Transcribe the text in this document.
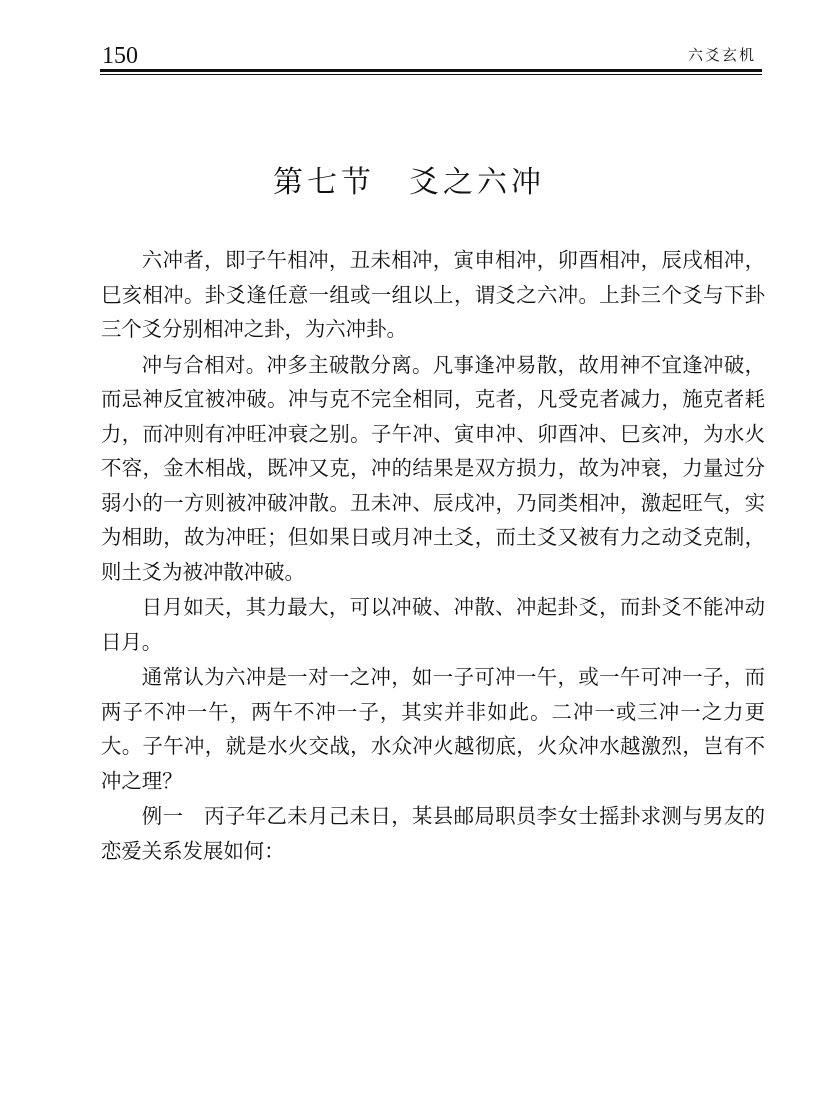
150	六爻玄机
第七节　爻之六冲

六冲者，即子午相冲，丑未相冲，寅申相冲，卯酉相冲，辰戌相冲，巳亥相冲。卦爻逢任意一组或一组以上，谓爻之六冲。上卦三个爻与下卦三个爻分别相冲之卦，为六冲卦。

冲与合相对。冲多主破散分离。凡事逢冲易散，故用神不宜逢冲破，而忌神反宜被冲破。冲与克不完全相同，克者，凡受克者减力，施克者耗力，而冲则有冲旺冲衰之别。子午冲、寅申冲、卯酉冲、巳亥冲，为水火不容，金木相战，既冲又克，冲的结果是双方损力，故为冲衰，力量过分弱小的一方则被冲破冲散。丑未冲、辰戌冲，乃同类相冲，激起旺气，实为相助，故为冲旺；但如果日或月冲土爻，而土爻又被有力之动爻克制，则土爻为被冲散冲破。

日月如天，其力最大，可以冲破、冲散、冲起卦爻，而卦爻不能冲动日月。

通常认为六冲是一对一之冲，如一子可冲一午，或一午可冲一子，而两子不冲一午，两午不冲一子，其实并非如此。二冲一或三冲一之力更大。子午冲，就是水火交战，水众冲火越彻底，火众冲水越激烈，岂有不冲之理？

例一　丙子年乙未月己未日，某县邮局职员李女士摇卦求测与男友的恋爱关系发展如何：
